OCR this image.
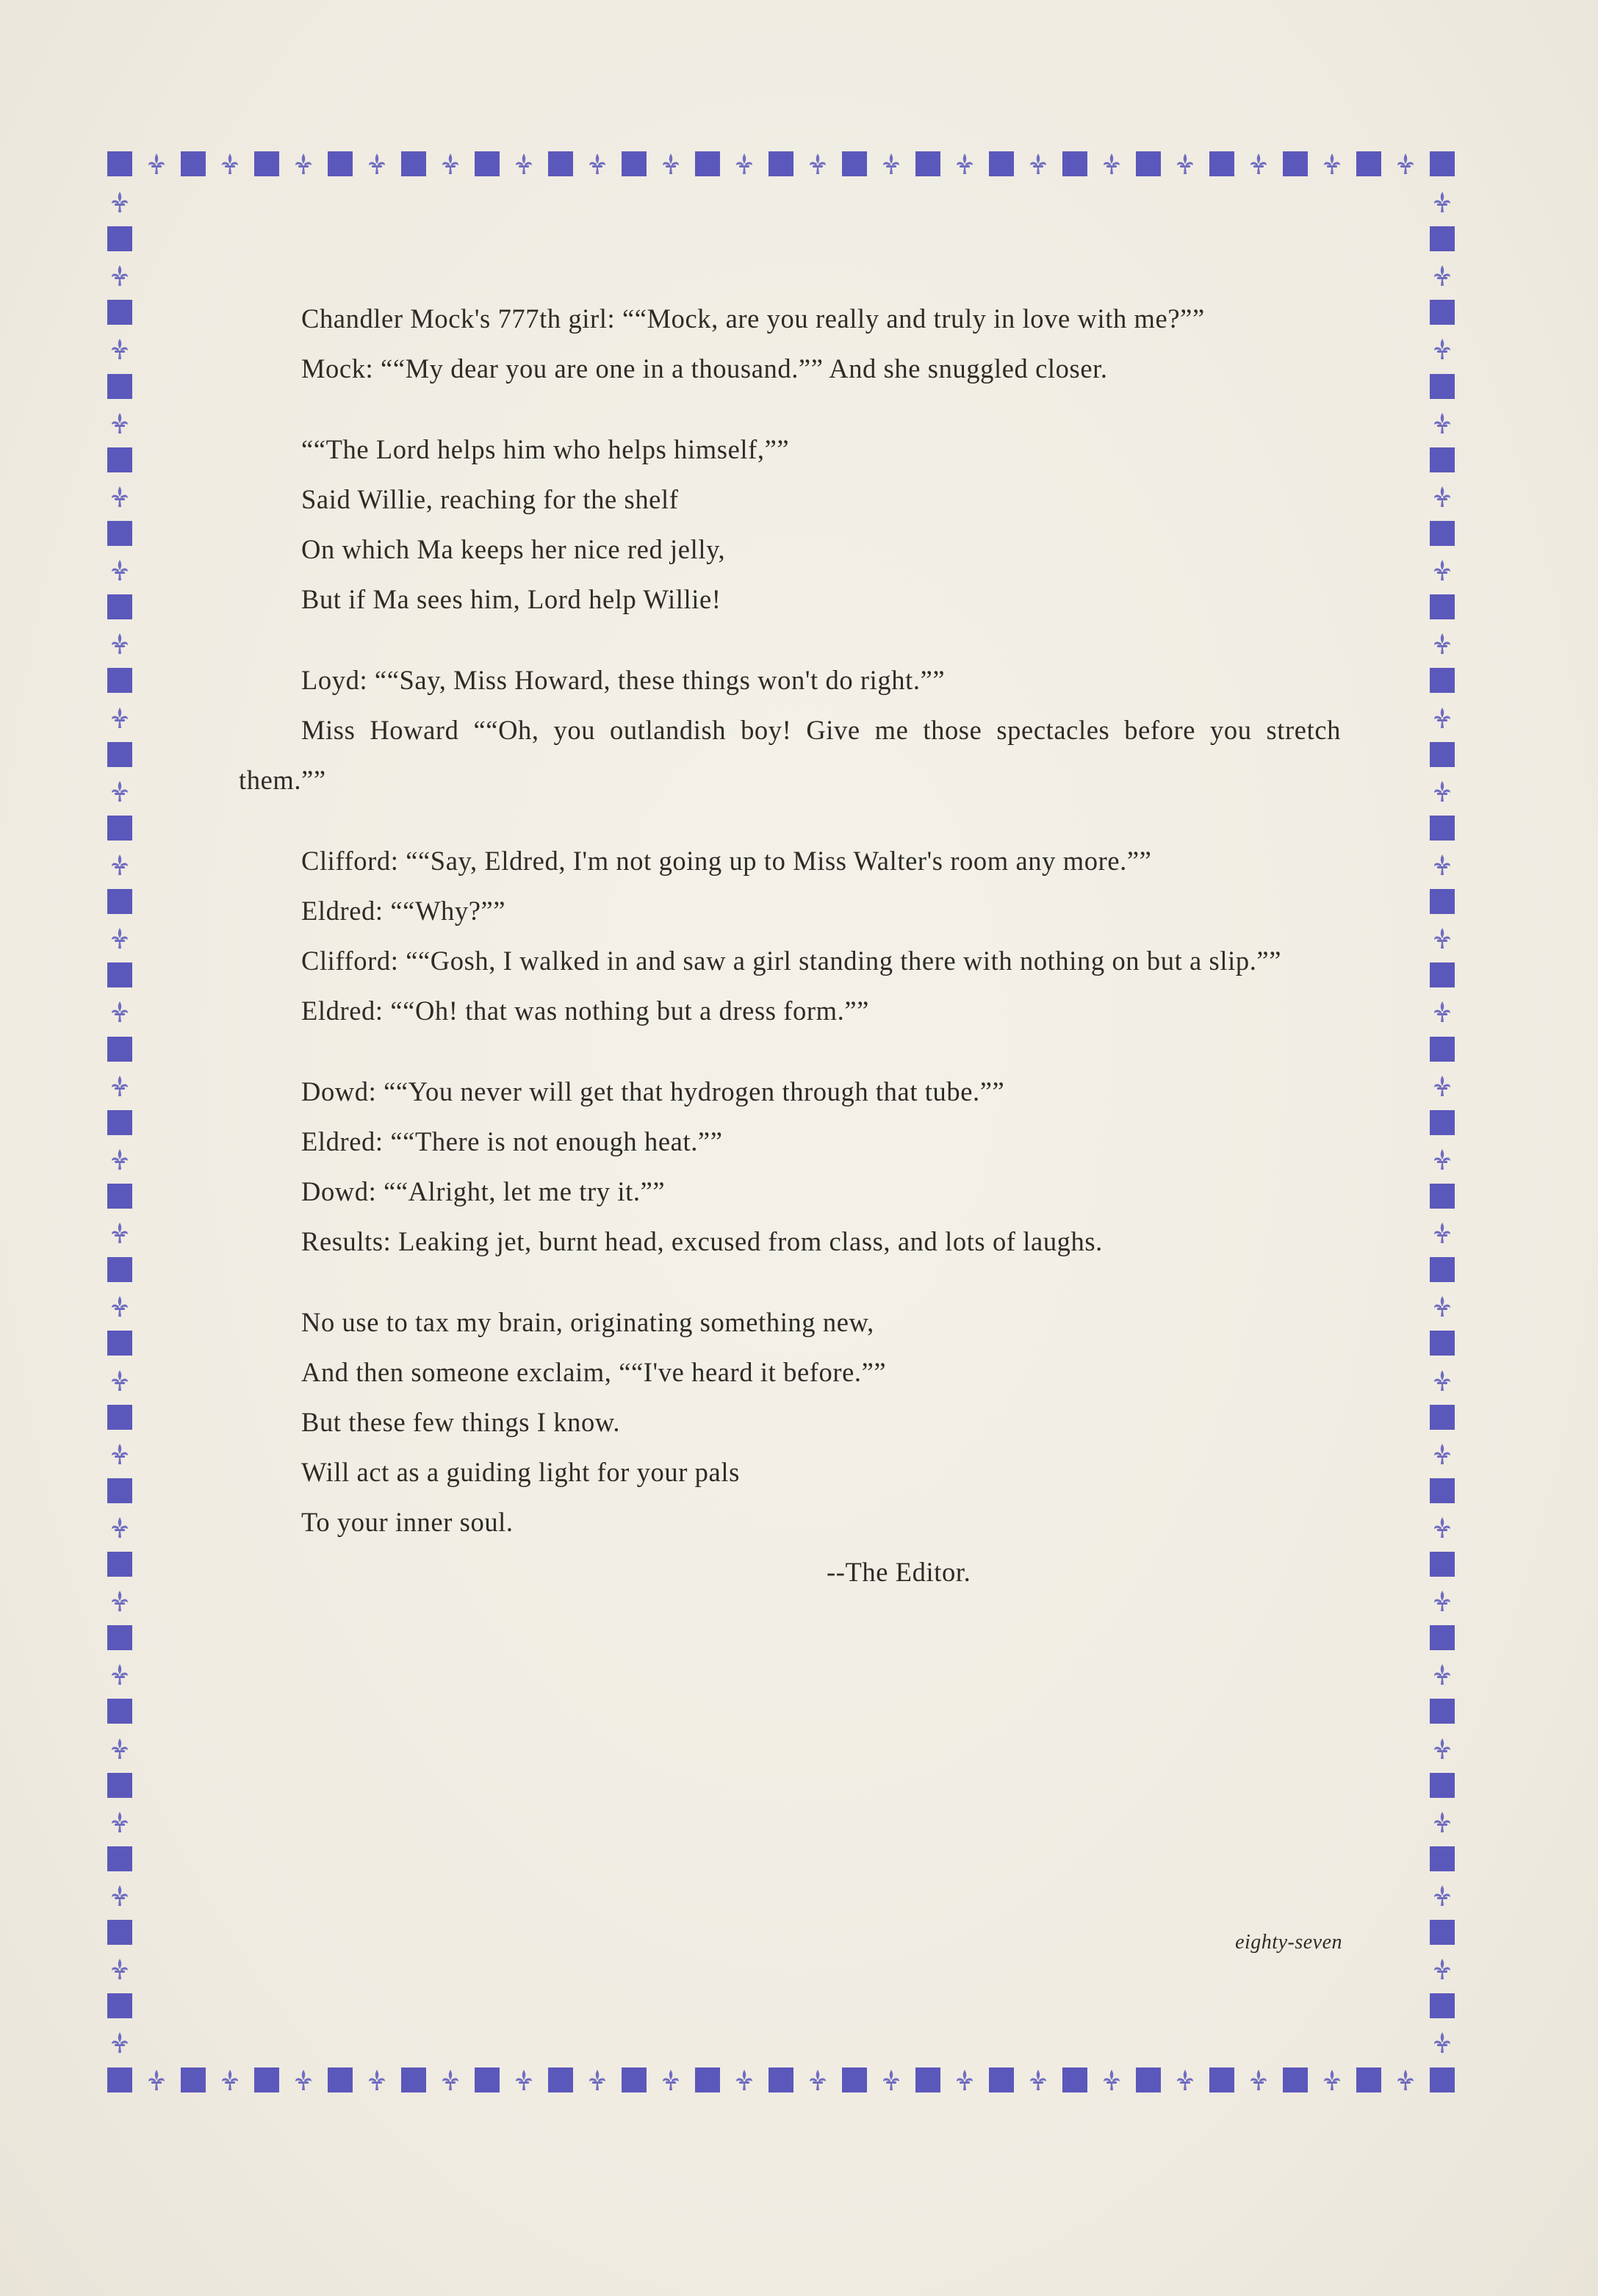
Chandler Mock's 777th girl: ““Mock, are you really and truly in love with me?””

Mock: ““My dear you are one in a thousand.”” And she snuggled closer.

““The Lord helps him who helps himself,””

Said Willie, reaching for the shelf

On which Ma keeps her nice red jelly,

But if Ma sees him, Lord help Willie!

Loyd: ““Say, Miss Howard, these things won't do right.””

Miss Howard ““Oh, you outlandish boy! Give me those spectacles before you stretch them.””

Clifford: ““Say, Eldred, I'm not going up to Miss Walter's room any more.””

Eldred: ““Why?””

Clifford: ““Gosh, I walked in and saw a girl standing there with nothing on but a slip.””

Eldred: ““Oh! that was nothing but a dress form.””

Dowd: ““You never will get that hydrogen through that tube.””

Eldred: ““There is not enough heat.””

Dowd: ““Alright, let me try it.””

Results: Leaking jet, burnt head, excused from class, and lots of laughs.

No use to tax my brain, originating something new,

And then someone exclaim, ““I've heard it before.””

But these few things I know.

Will act as a guiding light for your pals

To your inner soul.

--The Editor.

eighty-seven
